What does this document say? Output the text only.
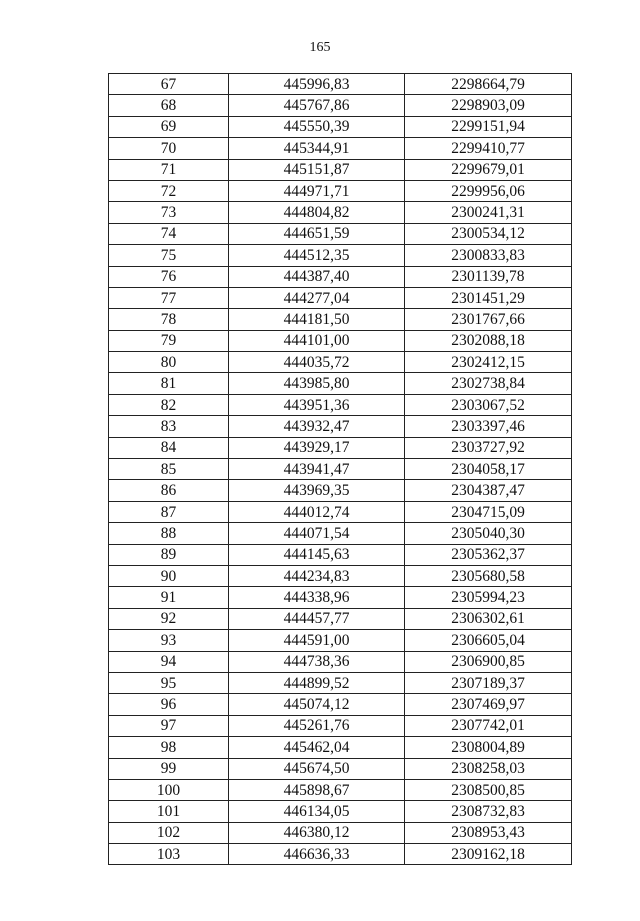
165
67	445996,83	2298664,79
68	445767,86	2298903,09
69	445550,39	2299151,94
70	445344,91	2299410,77
71	445151,87	2299679,01
72	444971,71	2299956,06
73	444804,82	2300241,31
74	444651,59	2300534,12
75	444512,35	2300833,83
76	444387,40	2301139,78
77	444277,04	2301451,29
78	444181,50	2301767,66
79	444101,00	2302088,18
80	444035,72	2302412,15
81	443985,80	2302738,84
82	443951,36	2303067,52
83	443932,47	2303397,46
84	443929,17	2303727,92
85	443941,47	2304058,17
86	443969,35	2304387,47
87	444012,74	2304715,09
88	444071,54	2305040,30
89	444145,63	2305362,37
90	444234,83	2305680,58
91	444338,96	2305994,23
92	444457,77	2306302,61
93	444591,00	2306605,04
94	444738,36	2306900,85
95	444899,52	2307189,37
96	445074,12	2307469,97
97	445261,76	2307742,01
98	445462,04	2308004,89
99	445674,50	2308258,03
100	445898,67	2308500,85
101	446134,05	2308732,83
102	446380,12	2308953,43
103	446636,33	2309162,18
